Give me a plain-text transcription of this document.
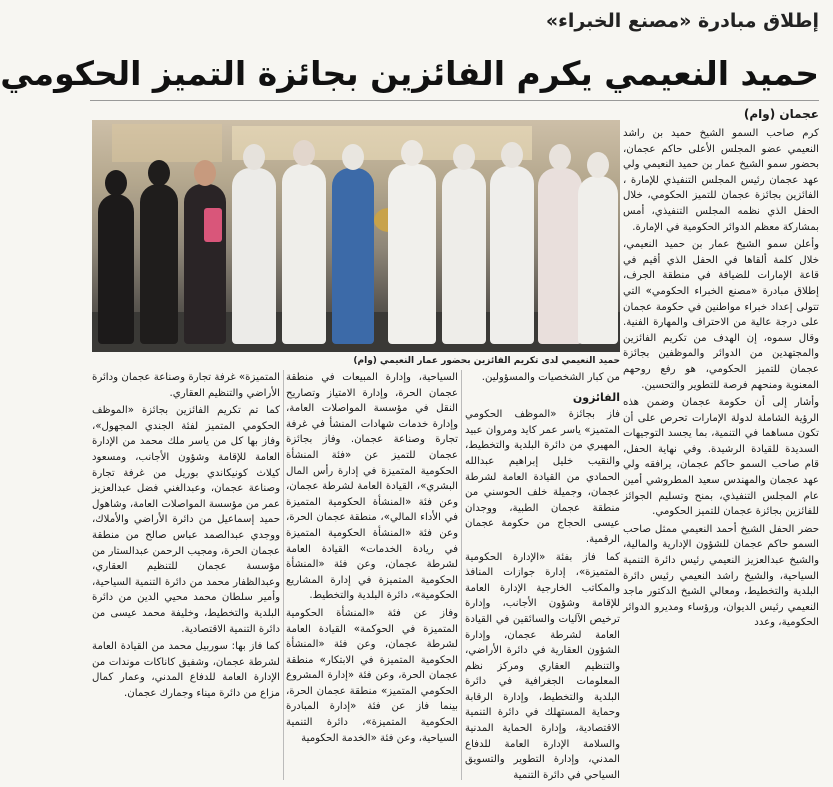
إطلاق مبادرة «مصنع الخبراء»
حميد النعيمي يكرم الفائزين بجائزة التميز الحكومي
حميد النعيمي لدى تكريم الفائزين بحضور عمار النعيمي (وام)
عجمان (وام)

كرم صاحب السمو الشيخ حميد بن راشد النعيمي عضو المجلس الأعلى حاكم عجمان، بحضور سمو الشيخ عمار بن حميد النعيمي ولي عهد عجمان رئيس المجلس التنفيذي للإمارة ، الفائزين بجائزة عجمان للتميز الحكومي، خلال الحفل الذي نظمه المجلس التنفيذي، أمس بمشاركة معظم الدوائر الحكومية في الإمارة.

وأعلن سمو الشيخ عمار بن حميد النعيمي، خلال كلمة ألقاها في الحفل الذي أقيم في قاعة الإمارات للضيافة في منطقة الجرف، إطلاق مبادرة «مصنع الخبراء الحكومي» التي تتولى إعداد خبراء مواطنين في حكومة عجمان على درجة عالية من الاحتراف والمهارة الفنية. وقال سموه، إن الهدف من تكريم الفائزين والمجتهدين من الدوائر والموظفين بجائزة عجمان للتميز الحكومي، هو رفع روحهم المعنوية ومنحهم فرصة للتطوير والتحسين.

وأشار إلى أن حكومة عجمان وضمن هذه الرؤية الشاملة لدولة الإمارات تحرص على أن تكون مساهما في التنمية، بما يجسد التوجيهات السديدة للقيادة الرشيدة. وفي نهاية الحفل، قام صاحب السمو حاكم عجمان، يرافقه ولي عهد عجمان والمهندس سعيد المطروشي أمين عام المجلس التنفيذي، بمنح وتسليم الجوائز للفائزين بجائزة عجمان للتميز الحكومي.

حضر الحفل الشيخ أحمد النعيمي ممثل صاحب السمو حاكم عجمان للشؤون الإدارية والمالية، والشيخ عبدالعزيز النعيمي رئيس دائرة التنمية السياحية، والشيخ راشد النعيمي رئيس دائرة البلدية والتخطيط، ومعالي الشيخ الدكتور ماجد النعيمي رئيس الديوان، ورؤساء ومديرو الدوائر الحكومية، وعدد

من كبار الشخصيات والمسؤولين.

الفائزون

فاز بجائزة «الموظف الحكومي المتميز» ياسر عمر كايد ومروان عبيد المهيري من دائرة البلدية والتخطيط، والنقيب خليل إبراهيم عبدالله الحمادي من القيادة العامة لشرطة عجمان، وجميلة خلف الحوسني من منطقة عجمان الطبية، ووجدان عيسى الحجاج من حكومة عجمان الرقمية.

كما فاز بفئة «الإدارة الحكومية المتميزة»، إدارة جوازات المنافذ والمكاتب الخارجية الإدارة العامة للإقامة وشؤون الأجانب، وإدارة ترخيص الآليات والسائقين في القيادة العامة لشرطة عجمان، وإدارة الشؤون العقارية في دائرة الأراضي، والتنظيم العقاري ومركز نظم المعلومات الجغرافية في دائرة البلدية والتخطيط، وإدارة الرقابة وحماية المستهلك في دائرة التنمية الاقتصادية، وإدارة الحماية المدنية والسلامة الإدارة العامة للدفاع المدني، وإدارة التطوير والتسويق السياحي في دائرة التنمية

السياحية، وإدارة المبيعات في منطقة عجمان الحرة، وإدارة الامتياز وتصاريح النقل في مؤسسة المواصلات العامة، وإدارة خدمات شهادات المنشأ في غرفة تجارة وصناعة عجمان. وفاز بجائزة عجمان للتميز عن «فئة المنشأة الحكومية المتميزة في إدارة رأس المال البشري»، القيادة العامة لشرطة عجمان، وعن فئة «المنشأة الحكومية المتميزة في الأداء المالي»، منطقة عجمان الحرة، وعن فئة «المنشأة الحكومية المتميزة في ريادة الخدمات» القيادة العامة لشرطة عجمان، وعن فئة «المنشأة الحكومية المتميزة في إدارة المشاريع الحكومية»، دائرة البلدية والتخطيط.

وفاز عن فئة «المنشأة الحكومية المتميزة في الحوكمة» القيادة العامة لشرطة عجمان، وعن فئة «المنشأة الحكومية المتميزة في الابتكار» منطقة عجمان الحرة، وعن فئة «إدارة المشروع الحكومي المتميز» منطقة عجمان الحرة، بينما فاز عن فئة «إدارة المبادرة الحكومية المتميزة»، دائرة التنمية السياحية، وعن فئة «الخدمة الحكومية

المتميزة» غرفة تجارة وصناعة عجمان ودائرة الأراضي والتنظيم العقاري.

كما تم تكريم الفائزين بجائزة «الموظف الحكومي المتميز لفئة الجندي المجهول»، وفاز بها كل من ياسر ملك محمد من الإدارة العامة للإقامة وشؤون الأجانب، ومسعود كيلاث كونيكاندي بوريل من غرفة تجارة وصناعة عجمان، وعبدالغني فضل عبدالعزيز عمر من مؤسسة المواصلات العامة، وشاهول حميد إسماعيل من دائرة الأراضي والأملاك، ووجدي عبدالصمد عباس صالح من منطقة عجمان الحرة، ومجيب الرحمن عبدالستار من مؤسسة عجمان للتنظيم العقاري، وعبدالظفار محمد من دائرة التنمية السياحية، وأمير سلطان محمد محيي الدين من دائرة البلدية والتخطيط، وخليفة محمد عيسى من دائرة التنمية الاقتصادية.

كما فاز بها: سوربيل محمد من القيادة العامة لشرطة عجمان، وشفيق كاناكات موندات من الإدارة العامة للدفاع المدني، وعمار كمال مزاع من دائرة ميناء وجمارك عجمان.
